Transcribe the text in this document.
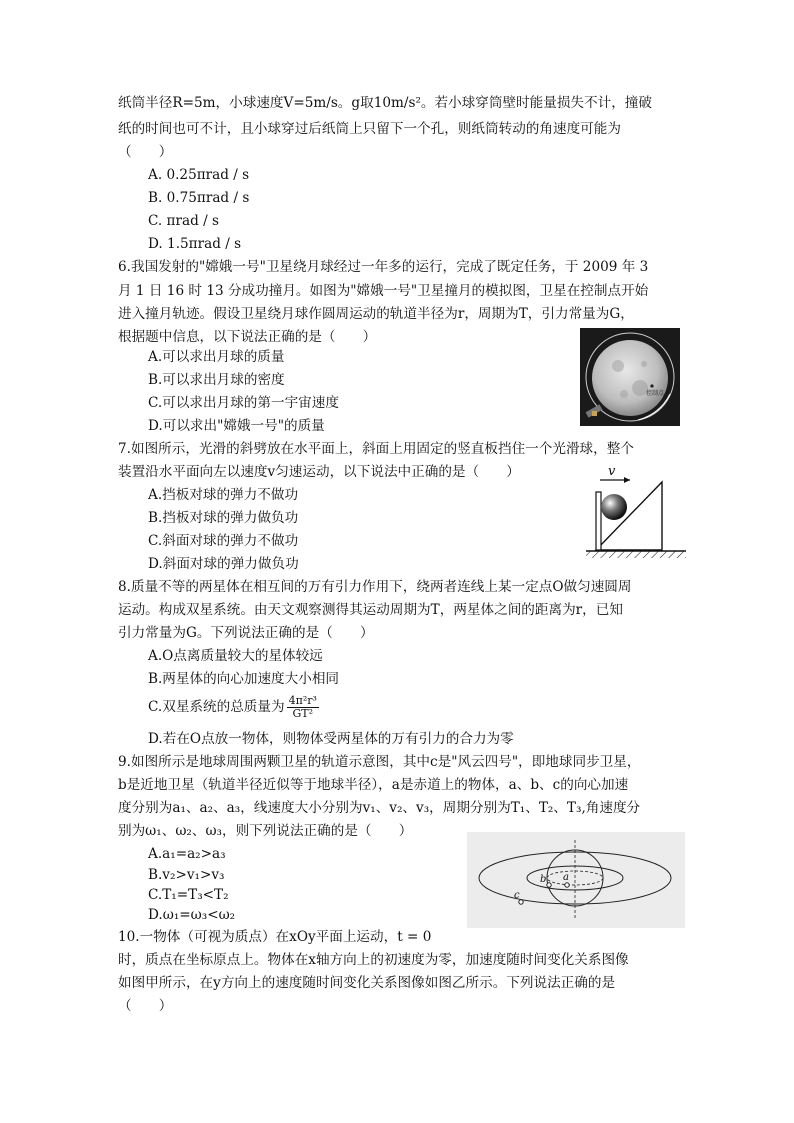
纸筒半径R=5m，小球速度V=5m/s。g取10m/s²。若小球穿筒壁时能量损失不计，撞破
纸的时间也可不计，且小球穿过后纸筒上只留下一个孔，则纸筒转动的角速度可能为
（　　）
A. 0.25πrad / s
B. 0.75πrad / s
C. πrad / s
D. 1.5πrad / s
6.我国发射的"嫦娥一号"卫星绕月球经过一年多的运行，完成了既定任务，于 2009 年 3
月 1 日 16 时 13 分成功撞月。如图为"嫦娥一号"卫星撞月的模拟图，卫星在控制点开始
进入撞月轨迹。假设卫星绕月球作圆周运动的轨道半径为r，周期为T，引力常量为G，
根据题中信息，以下说法正确的是（　　）
A.可以求出月球的质量
B.可以求出月球的密度
C.可以求出月球的第一宇宙速度
D.可以求出"嫦娥一号"的质量
控制点
7.如图所示，光滑的斜劈放在水平面上，斜面上用固定的竖直板挡住一个光滑球，整个
装置沿水平面向左以速度v匀速运动，以下说法中正确的是（　　）
A.挡板对球的弹力不做功
B.挡板对球的弹力做负功
C.斜面对球的弹力不做功
D.斜面对球的弹力做负功
v
8.质量不等的两星体在相互间的万有引力作用下，绕两者连线上某一定点O做匀速圆周
运动。构成双星系统。由天文观察测得其运动周期为T，两星体之间的距离为r，已知
引力常量为G。下列说法正确的是（　　）
A.O点离质量较大的星体较远
B.两星体的向心加速度大小相同
C.双星系统的总质量为 $\frac{\text{4π²r³}}{\text{GT²}}$
D.若在O点放一物体，则物体受两星体的万有引力的合力为零
9.如图所示是地球周围两颗卫星的轨道示意图，其中c是"风云四号"，即地球同步卫星，
b是近地卫星（轨道半径近似等于地球半径），a是赤道上的物体，a、b、c的向心加速
度分别为a₁、a₂、a₃，线速度大小分别为v₁、v₂、v₃，周期分别为T₁、T₂、T₃,角速度分
别为ω₁、ω₂、ω₃，则下列说法正确的是（　　）
A.a₁=a₂>a₃
B.v₂>v₁>v₃
C.T₁=T₃<T₂
D.ω₁=ω₃<ω₂
a
b
c
10.一物体（可视为质点）在xOy平面上运动，t = 0
时，质点在坐标原点上。物体在x轴方向上的初速度为零，加速度随时间变化关系图像
如图甲所示，在y方向上的速度随时间变化关系图像如图乙所示。下列说法正确的是
（　　）
